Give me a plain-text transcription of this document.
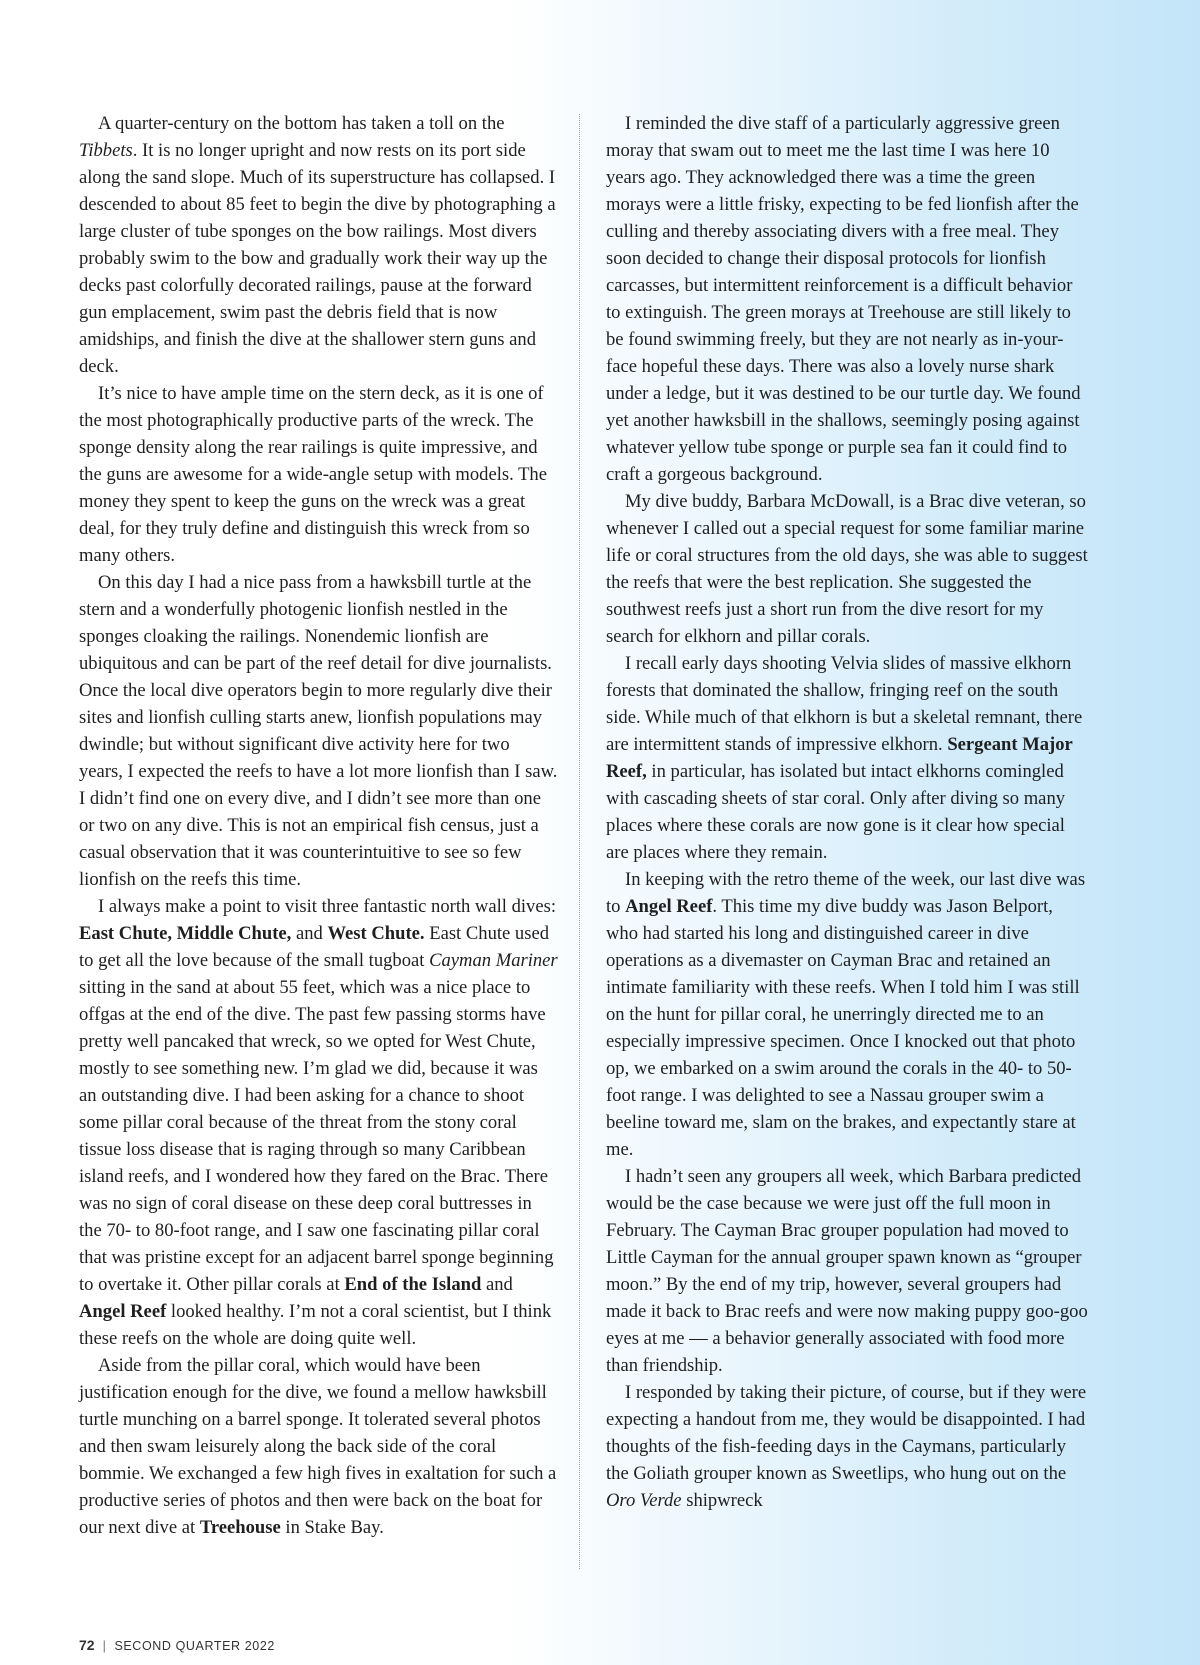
A quarter-century on the bottom has taken a toll on the Tibbets. It is no longer upright and now rests on its port side along the sand slope. Much of its superstructure has collapsed. I descended to about 85 feet to begin the dive by photographing a large cluster of tube sponges on the bow railings. Most divers probably swim to the bow and gradually work their way up the decks past colorfully decorated railings, pause at the forward gun emplacement, swim past the debris field that is now amidships, and finish the dive at the shallower stern guns and deck.

It’s nice to have ample time on the stern deck, as it is one of the most photographically productive parts of the wreck. The sponge density along the rear railings is quite impressive, and the guns are awesome for a wide-angle setup with models. The money they spent to keep the guns on the wreck was a great deal, for they truly define and distinguish this wreck from so many others.

On this day I had a nice pass from a hawksbill turtle at the stern and a wonderfully photogenic lionfish nestled in the sponges cloaking the railings. Nonendemic lionfish are ubiquitous and can be part of the reef detail for dive journalists. Once the local dive operators begin to more regularly dive their sites and lionfish culling starts anew, lionfish populations may dwindle; but without significant dive activity here for two years, I expected the reefs to have a lot more lionfish than I saw. I didn’t find one on every dive, and I didn’t see more than one or two on any dive. This is not an empirical fish census, just a casual observation that it was counterintuitive to see so few lionfish on the reefs this time.

I always make a point to visit three fantastic north wall dives: East Chute, Middle Chute, and West Chute. East Chute used to get all the love because of the small tugboat Cayman Mariner sitting in the sand at about 55 feet, which was a nice place to offgas at the end of the dive. The past few passing storms have pretty well pancaked that wreck, so we opted for West Chute, mostly to see something new. I’m glad we did, because it was an outstanding dive. I had been asking for a chance to shoot some pillar coral because of the threat from the stony coral tissue loss disease that is raging through so many Caribbean island reefs, and I wondered how they fared on the Brac. There was no sign of coral disease on these deep coral buttresses in the 70- to 80-foot range, and I saw one fascinating pillar coral that was pristine except for an adjacent barrel sponge beginning to overtake it. Other pillar corals at End of the Island and Angel Reef looked healthy. I’m not a coral scientist, but I think these reefs on the whole are doing quite well.

Aside from the pillar coral, which would have been justification enough for the dive, we found a mellow hawksbill turtle munching on a barrel sponge. It tolerated several photos and then swam leisurely along the back side of the coral bommie. We exchanged a few high fives in exaltation for such a productive series of photos and then were back on the boat for our next dive at Treehouse in Stake Bay.

I reminded the dive staff of a particularly aggressive green moray that swam out to meet me the last time I was here 10 years ago. They acknowledged there was a time the green morays were a little frisky, expecting to be fed lionfish after the culling and thereby associating divers with a free meal. They soon decided to change their disposal protocols for lionfish carcasses, but intermittent reinforcement is a difficult behavior to extinguish. The green morays at Treehouse are still likely to be found swimming freely, but they are not nearly as in-your-face hopeful these days. There was also a lovely nurse shark under a ledge, but it was destined to be our turtle day. We found yet another hawksbill in the shallows, seemingly posing against whatever yellow tube sponge or purple sea fan it could find to craft a gorgeous background.

My dive buddy, Barbara McDowall, is a Brac dive veteran, so whenever I called out a special request for some familiar marine life or coral structures from the old days, she was able to suggest the reefs that were the best replication. She suggested the southwest reefs just a short run from the dive resort for my search for elkhorn and pillar corals.

I recall early days shooting Velvia slides of massive elkhorn forests that dominated the shallow, fringing reef on the south side. While much of that elkhorn is but a skeletal remnant, there are intermittent stands of impressive elkhorn. Sergeant Major Reef, in particular, has isolated but intact elkhorns comingled with cascading sheets of star coral. Only after diving so many places where these corals are now gone is it clear how special are places where they remain.

In keeping with the retro theme of the week, our last dive was to Angel Reef. This time my dive buddy was Jason Belport, who had started his long and distinguished career in dive operations as a divemaster on Cayman Brac and retained an intimate familiarity with these reefs. When I told him I was still on the hunt for pillar coral, he unerringly directed me to an especially impressive specimen. Once I knocked out that photo op, we embarked on a swim around the corals in the 40- to 50-foot range. I was delighted to see a Nassau grouper swim a beeline toward me, slam on the brakes, and expectantly stare at me.

I hadn’t seen any groupers all week, which Barbara predicted would be the case because we were just off the full moon in February. The Cayman Brac grouper population had moved to Little Cayman for the annual grouper spawn known as “grouper moon.” By the end of my trip, however, several groupers had made it back to Brac reefs and were now making puppy goo-goo eyes at me — a behavior generally associated with food more than friendship.

I responded by taking their picture, of course, but if they were expecting a handout from me, they would be disappointed. I had thoughts of the fish-feeding days in the Caymans, particularly the Goliath grouper known as Sweetlips, who hung out on the Oro Verde shipwreck

72 | SECOND QUARTER 2022
